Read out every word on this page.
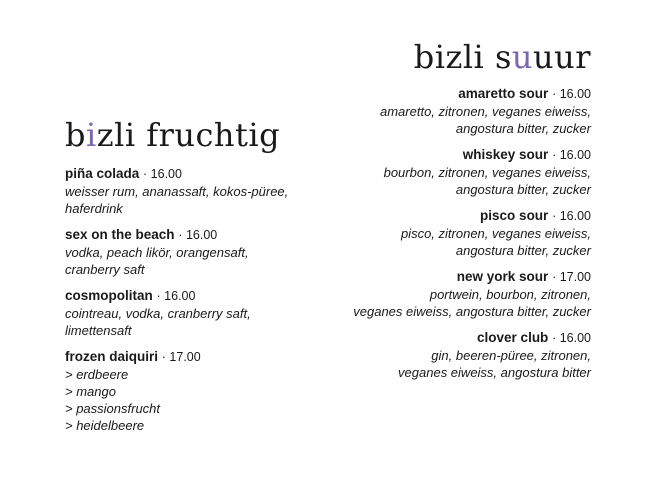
bizli fruchtig
piña colada · 16.00
weisser rum, ananassaft, kokos-püree,
haferdrink
sex on the beach · 16.00
vodka, peach likör, orangensaft,
cranberry saft
cosmopolitan · 16.00
cointreau, vodka, cranberry saft,
limettensaft
frozen daiquiri · 17.00
> erdbeere
> mango
> passionsfrucht
> heidelbeere
bizli suuur
amaretto sour · 16.00
amaretto, zitronen, veganes eiweiss,
angostura bitter, zucker
whiskey sour · 16.00
bourbon, zitronen, veganes eiweiss,
angostura bitter, zucker
pisco sour · 16.00
pisco, zitronen, veganes eiweiss,
angostura bitter, zucker
new york sour · 17.00
portwein, bourbon, zitronen,
veganes eiweiss, angostura bitter, zucker
clover club · 16.00
gin, beeren-püree, zitronen,
veganes eiweiss, angostura bitter
